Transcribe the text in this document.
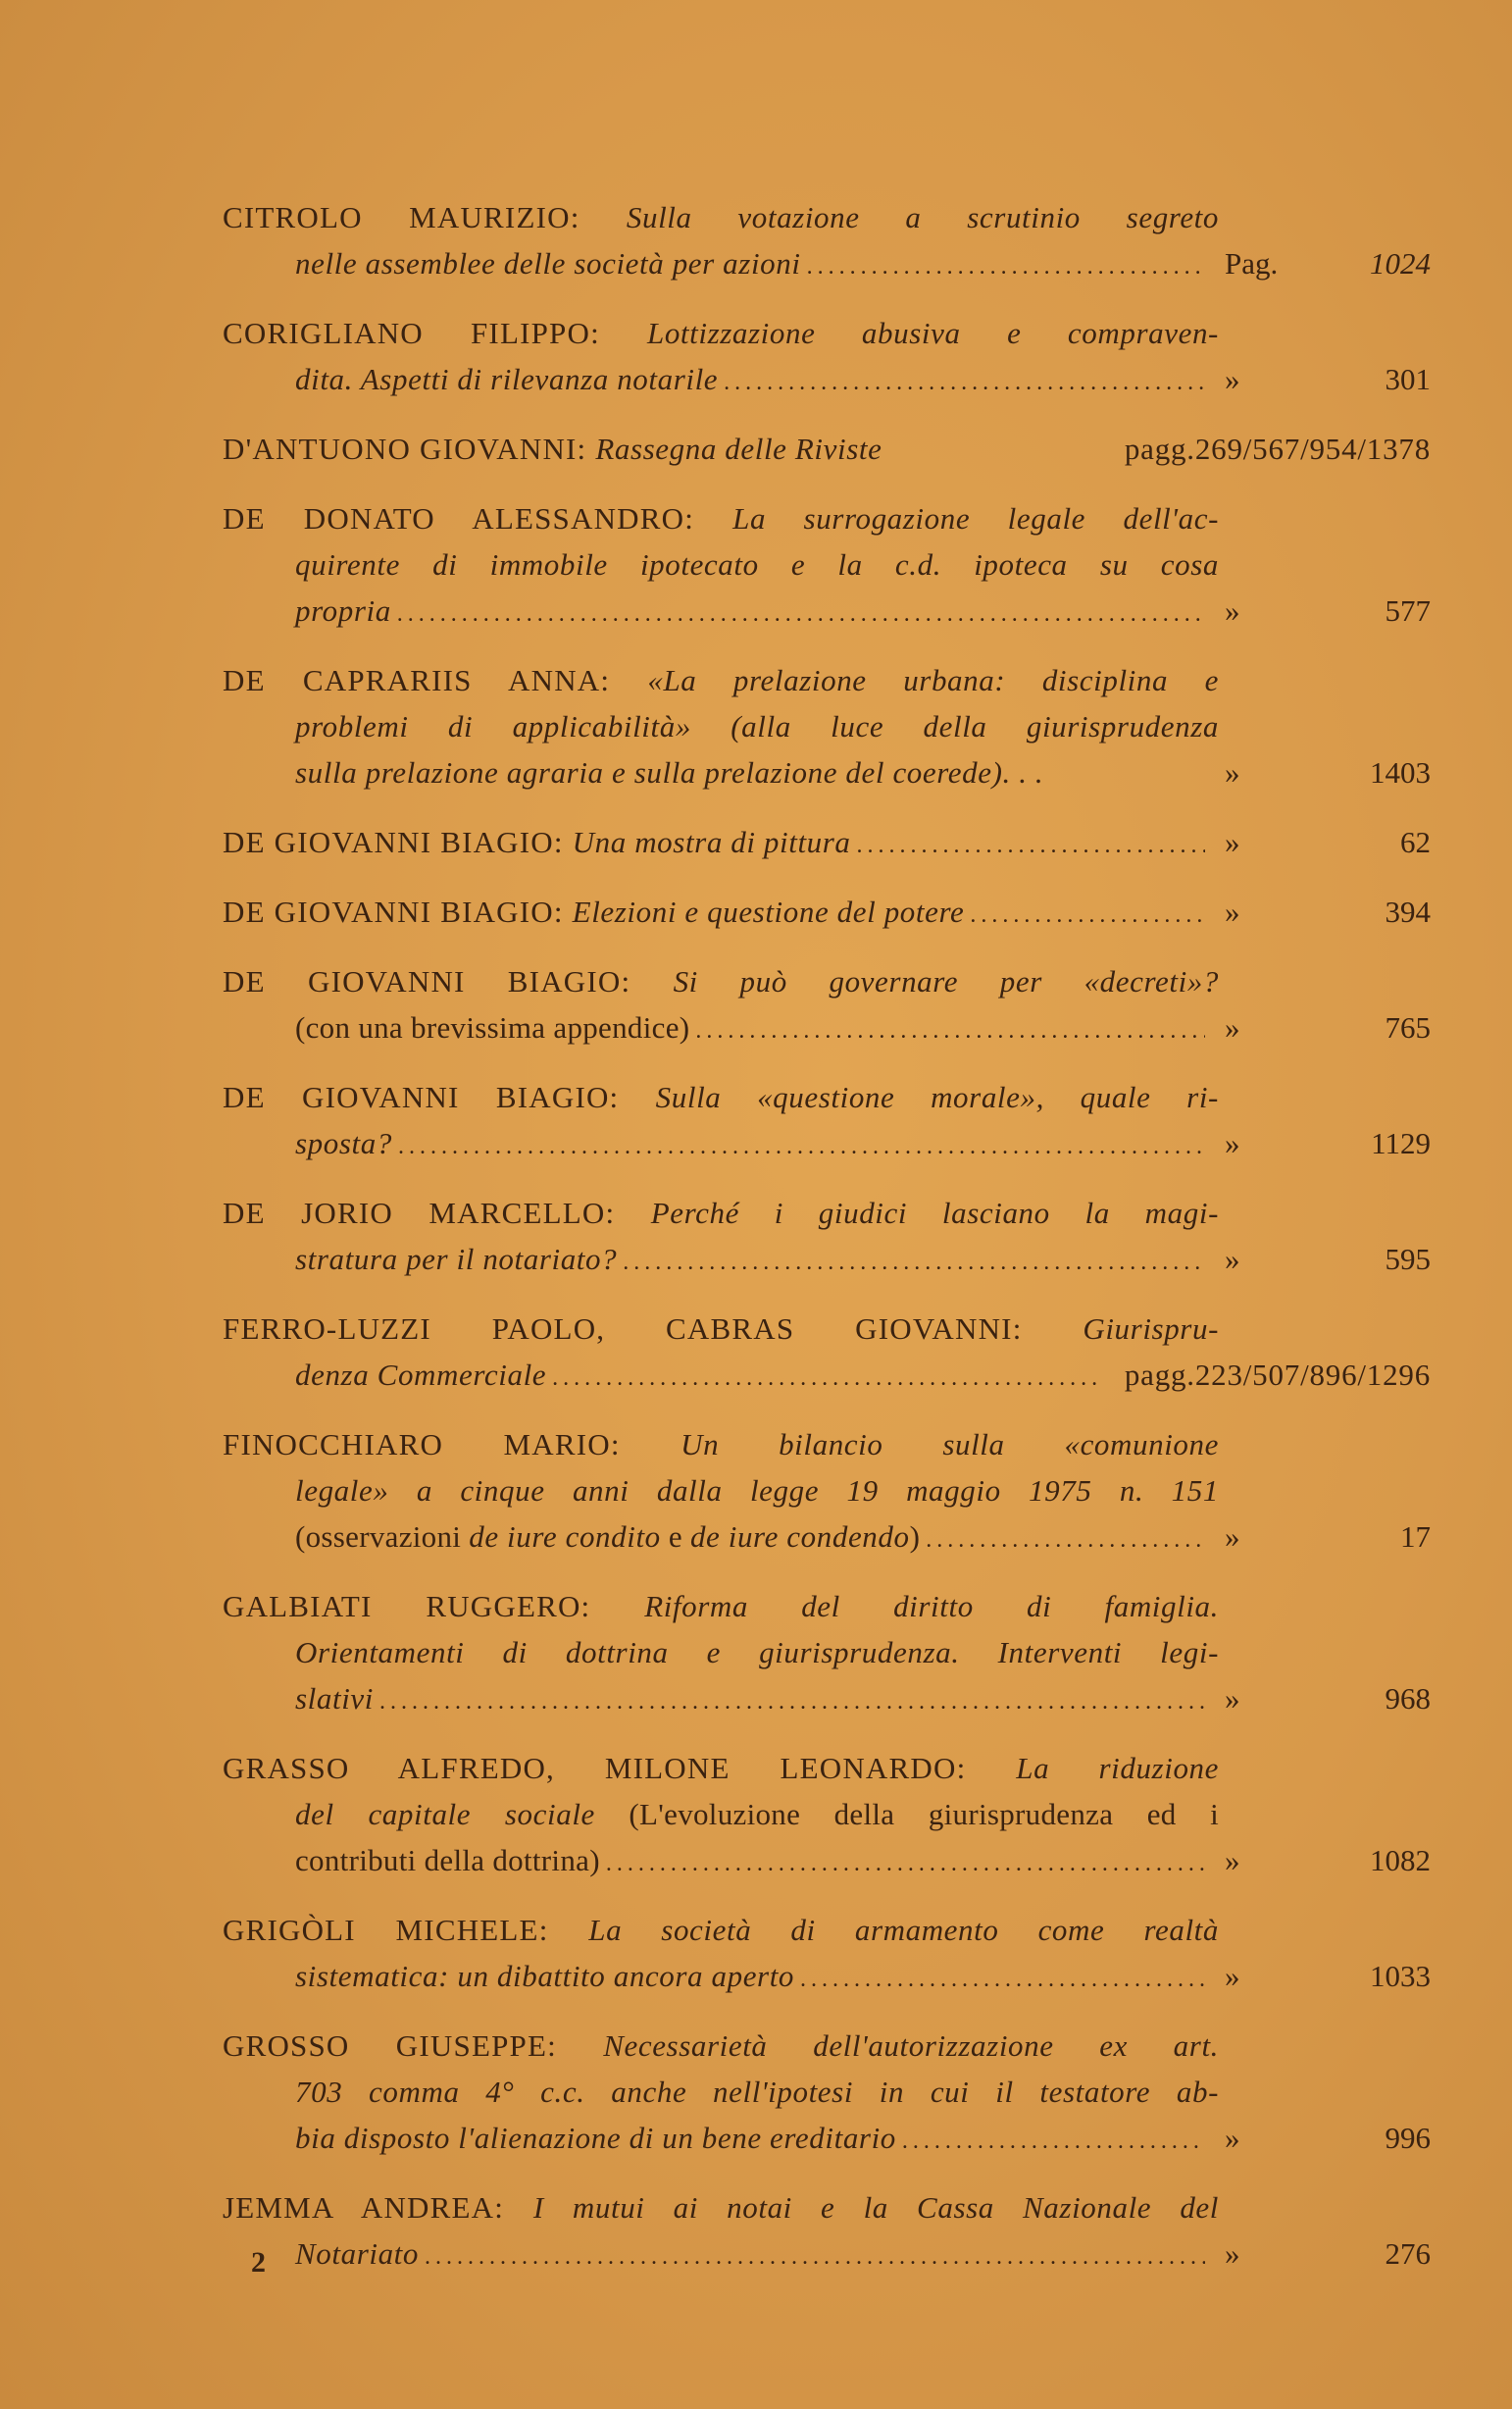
CITROLO MAURIZIO: Sulla votazione a scrutinio segreto
nelle assemblee delle società per azioni .....	Pag.	1024
CORIGLIANO FILIPPO: Lottizzazione abusiva e compraven-
dita. Aspetti di rilevanza notarile .....	»	301
D'ANTUONO GIOVANNI: Rassegna delle Riviste	pagg. 269/567/954/1378
DE DONATO ALESSANDRO: La surrogazione legale dell'ac-
quirente di immobile ipotecato e la c.d. ipoteca su cosa
propria .....	»	577
DE CAPRARIIS ANNA: «La prelazione urbana: disciplina e
problemi di applicabilità» (alla luce della giurisprudenza
sulla prelazione agraria e sulla prelazione del coerede). . .	»	1403
DE GIOVANNI BIAGIO: Una mostra di pittura .....	»	62
DE GIOVANNI BIAGIO: Elezioni e questione del potere .....	»	394
DE GIOVANNI BIAGIO: Si può governare per «decreti»?
(con una brevissima appendice) .....	»	765
DE GIOVANNI BIAGIO: Sulla «questione morale», quale ri-
sposta? .....	»	1129
DE JORIO MARCELLO: Perché i giudici lasciano la magi-
stratura per il notariato? .....	»	595
FERRO-LUZZI PAOLO, CABRAS GIOVANNI: Giurispru-
denza Commerciale .....	pagg. 223/507/896/1296
FINOCCHIARO MARIO: Un bilancio sulla «comunione
legale» a cinque anni dalla legge 19 maggio 1975 n. 151
(osservazioni de iure condito e de iure condendo) .....	»	17
GALBIATI RUGGERO: Riforma del diritto di famiglia.
Orientamenti di dottrina e giurisprudenza. Interventi legi-
slativi .....	»	968
GRASSO ALFREDO, MILONE LEONARDO: La riduzione
del capitale sociale (L'evoluzione della giurisprudenza ed i
contributi della dottrina) .....	»	1082
GRIGÒLI MICHELE: La società di armamento come realtà
sistematica: un dibattito ancora aperto .....	»	1033
GROSSO GIUSEPPE: Necessarietà dell'autorizzazione ex art.
703 comma 4° c.c. anche nell'ipotesi in cui il testatore ab-
bia disposto l'alienazione di un bene ereditario .....	»	996
JEMMA ANDREA: I mutui ai notai e la Cassa Nazionale del
Notariato .....	»	276
2
